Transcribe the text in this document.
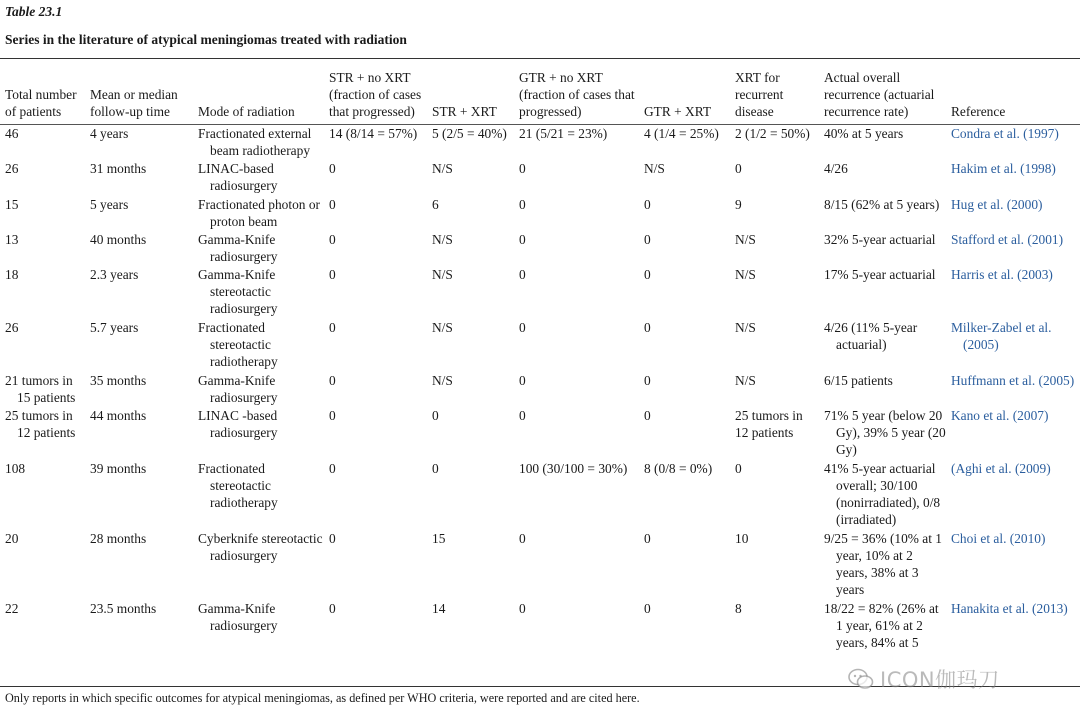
Table 23.1
Series in the literature of atypical meningiomas treated with radiation
Total number of patients	Mean or median follow-up time	Mode of radiation	STR + no XRT (fraction of cases that progressed)	STR + XRT	GTR + no XRT (fraction of cases that progressed)	GTR + XRT	XRT for recurrent disease	Actual overall recurrence (actuarial recurrence rate)	Reference

46	4 years	Fractionated external beam radiotherapy	14 (8/14 = 57%)	5 (2/5 = 40%)	21 (5/21 = 23%)	4 (1/4 = 25%)	2 (1/2 = 50%)	40% at 5 years	Condra et al. (1997)

26	31 months	LINAC-based radiosurgery	0	N/S	0	N/S	0	4/26	Hakim et al. (1998)

15	5 years	Fractionated photon or proton beam	0	6	0	0	9	8/15 (62% at 5 years)	Hug et al. (2000)

13	40 months	Gamma-Knife radiosurgery	0	N/S	0	0	N/S	32% 5-year actuarial	Stafford et al. (2001)

18	2.3 years	Gamma-Knife stereotactic radiosurgery	0	N/S	0	0	N/S	17% 5-year actuarial	Harris et al. (2003)

26	5.7 years	Fractionated stereotactic radiotherapy	0	N/S	0	0	N/S	4/26 (11% 5-year actuarial)	Milker-Zabel et al. (2005)

21 tumors in 15 patients	35 months	Gamma-Knife radiosurgery	0	N/S	0	0	N/S	6/15 patients	Huffmann et al. (2005)

25 tumors in 12 patients	44 months	LINAC -based radiosurgery	0	0	0	0	25 tumors in 12 patients	71% 5 year (below 20 Gy), 39% 5 year (20 Gy)	Kano et al. (2007)

108	39 months	Fractionated stereotactic radiotherapy	0	0	100 (30/100 = 30%)	8 (0/8 = 0%)	0	41% 5-year actuarial overall; 30/100 (nonirradiated), 0/8 (irradiated)	(Aghi et al. (2009)

20	28 months	Cyberknife stereotactic radiosurgery	0	15	0	0	10	9/25 = 36% (10% at 1 year, 10% at 2 years, 38% at 3 years	Choi et al. (2010)

22	23.5 months	Gamma-Knife radiosurgery	0	14	0	0	8	18/22 = 82% (26% at 1 year, 61% at 2 years, 84% at 5	Hanakita et al. (2013)
Only reports in which specific outcomes for atypical meningiomas, as defined per WHO criteria, were reported and are cited here.
ICON伽玛刀
